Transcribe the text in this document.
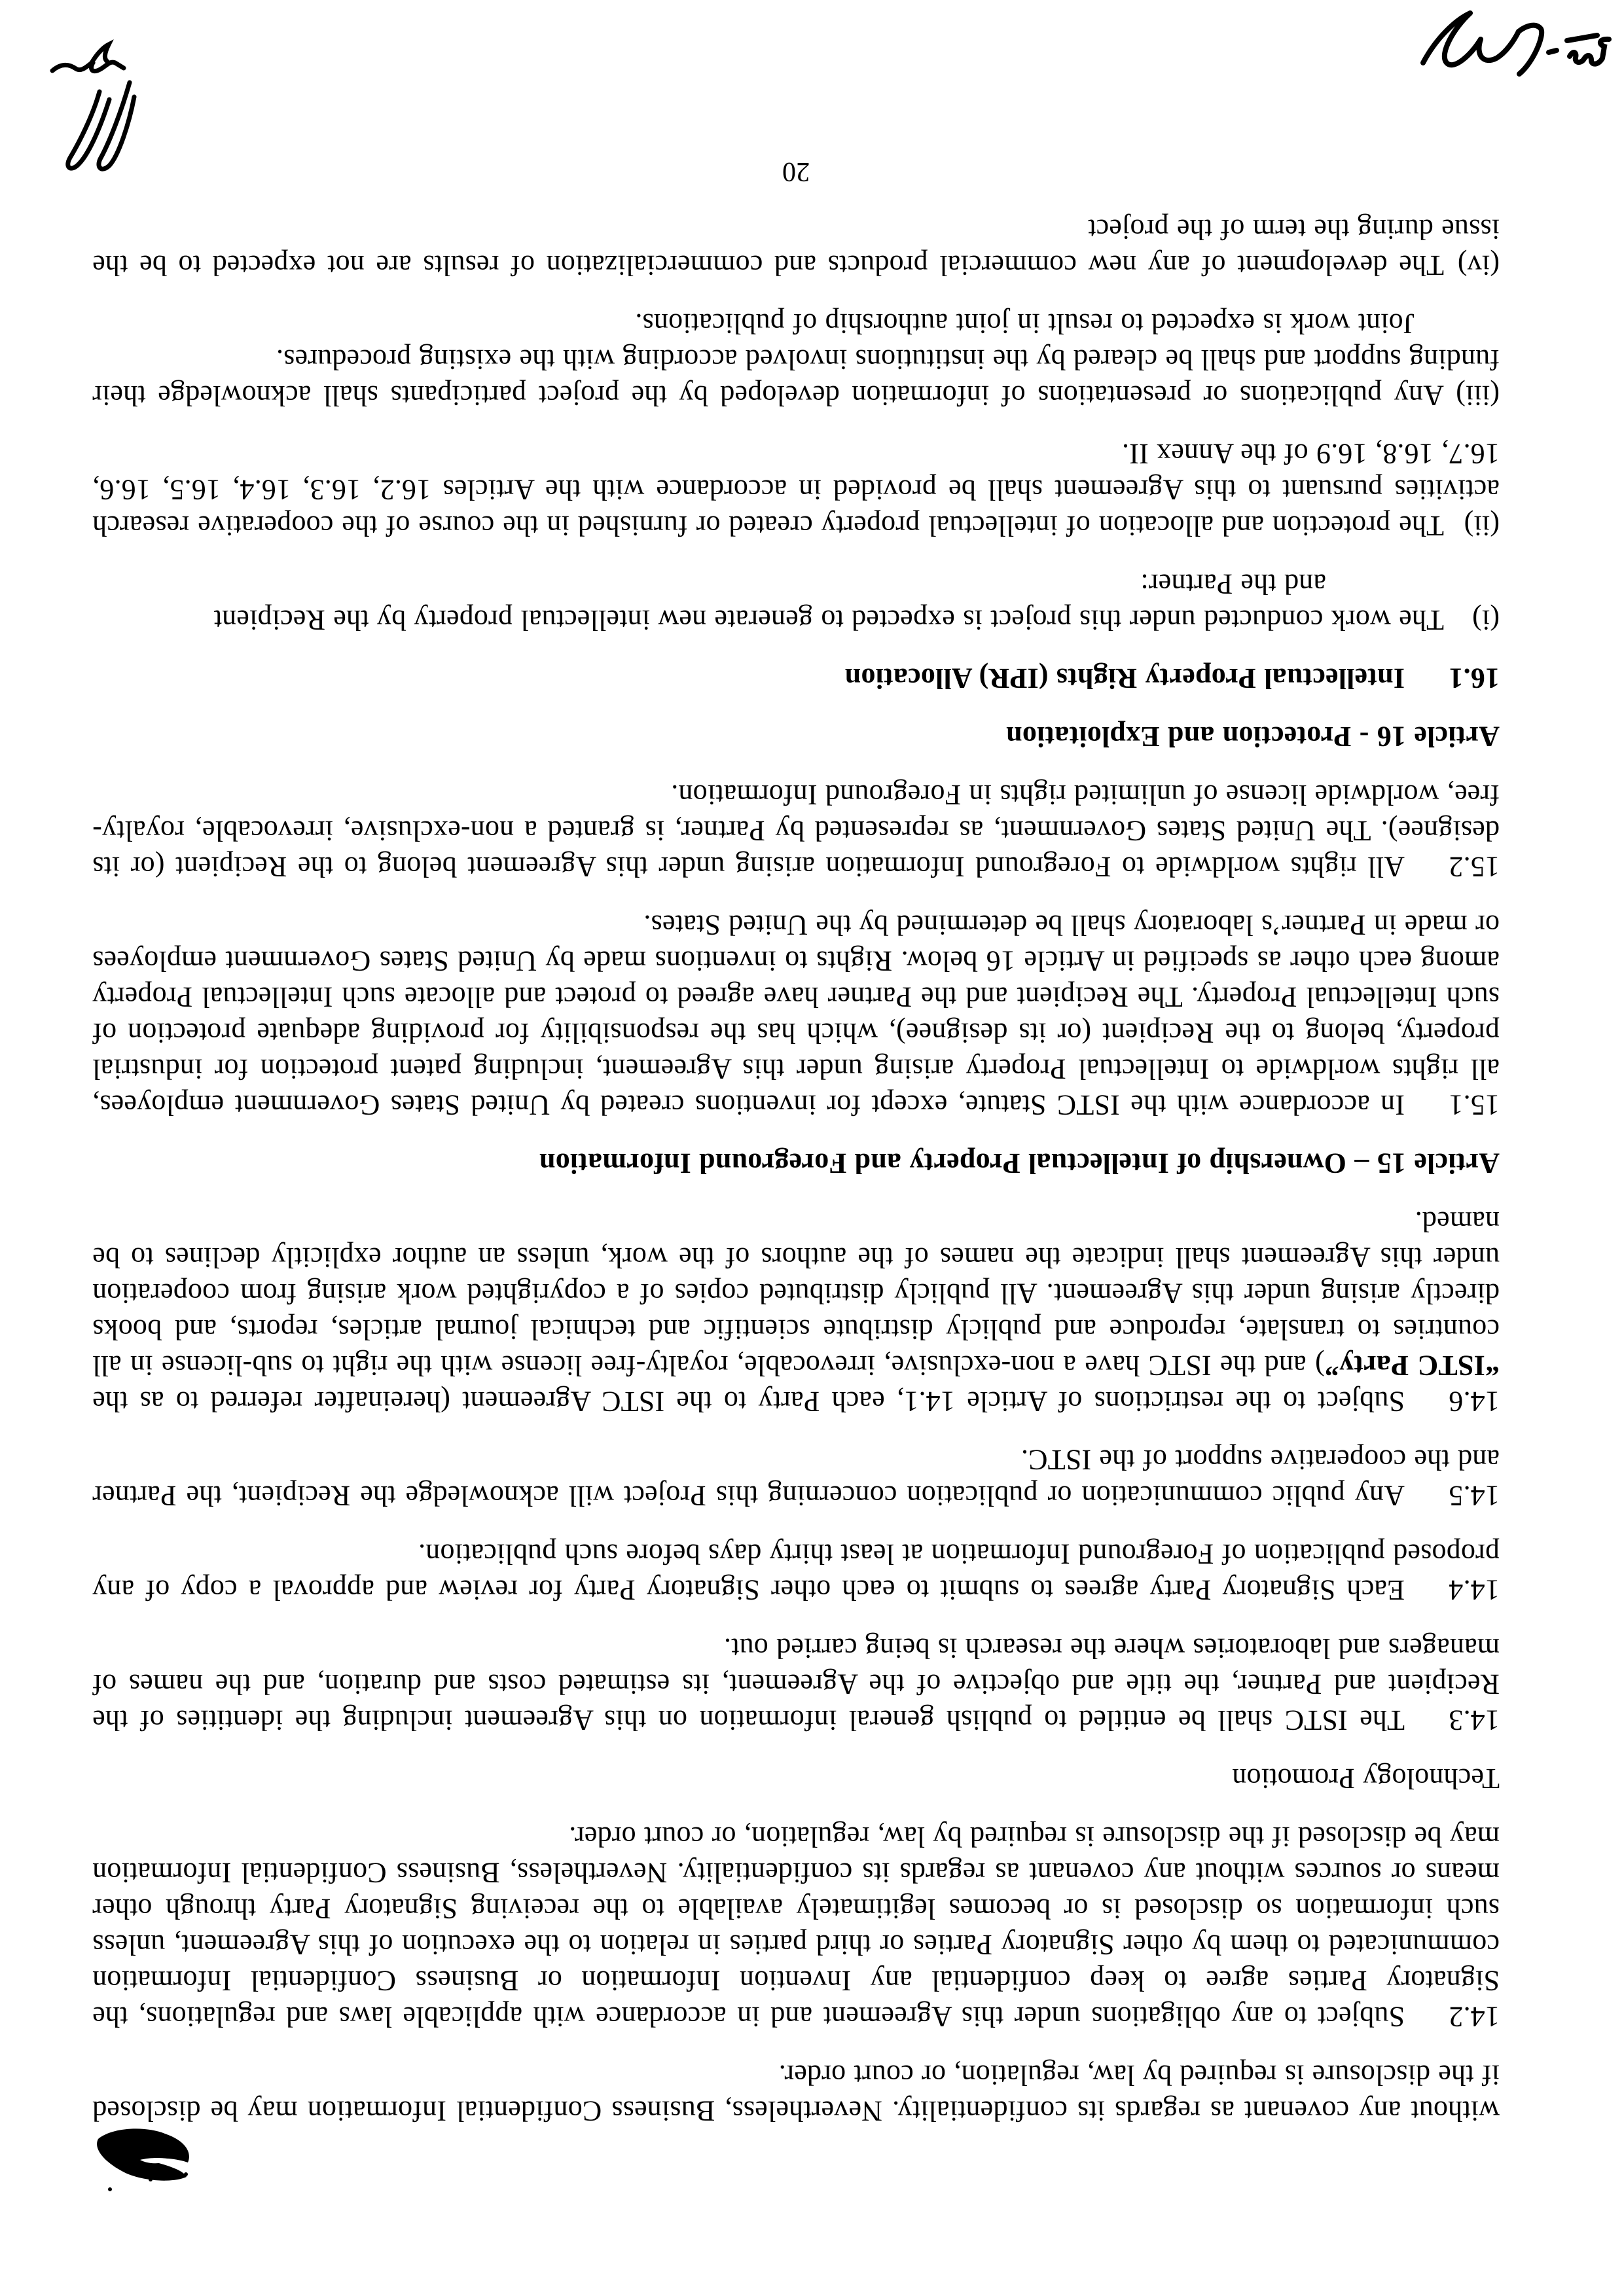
without any covenant as regards its confidentiality. Nevertheless, Business Confidential Information may be disclosed if the disclosure is required by law, regulation, or court order.

14.2Subject to any obligations under this Agreement and in accordance with applicable laws and regulations, the Signatory Parties agree to keep confidential any Invention Information or Business Confidential Information communicated to them by other Signatory Parties or third parties in relation to the execution of this Agreement, unless such information so disclosed is or becomes legitimately available to the receiving Signatory Party through other means or sources without any covenant as regards its confidentiality. Nevertheless, Business Confidential Information may be disclosed if the disclosure is required by law, regulation, or court order.

Technology Promotion

14.3The ISTC shall be entitled to publish general information on this Agreement including the identities of the Recipient and Partner, the title and objective of the Agreement, its estimated costs and duration, and the names of managers and laboratories where the research is being carried out.

14.4Each Signatory Party agrees to submit to each other Signatory Party for review and approval a copy of any proposed publication of Foreground Information at least thirty days before such publication.

14.5Any public communication or publication concerning this Project will acknowledge the Recipient, the Partner and the cooperative support of the ISTC.

14.6Subject to the restrictions of Article 14.1, each Party to the ISTC Agreement (hereinafter referred to as the “ISTC Party”) and the ISTC have a non-exclusive, irrevocable, royalty-free license with the right to sub-license in all countries to translate, reproduce and publicly distribute scientific and technical journal articles, reports, and books directly arising under this Agreement. All publicly distributed copies of a copyrighted work arising from cooperation under this Agreement shall indicate the names of the authors of the work, unless an author explicitly declines to be named.

Article 15 – Ownership of Intellectual Property and Foreground Information

15.1In accordance with the ISTC Statute, except for inventions created by United States Government employees, all rights worldwide to Intellectual Property arising under this Agreement, including patent protection for industrial property, belong to the Recipient (or its designee), which has the responsibility for providing adequate protection of such Intellectual Property. The Recipient and the Partner have agreed to protect and allocate such Intellectual Property among each other as specified in Article 16 below. Rights to inventions made by United States Government employees or made in Partner’s laboratory shall be determined by the United States.

15.2All rights worldwide to Foreground Information arising under this Agreement belong to the Recipient (or its designee). The United States Government, as represented by Partner, is granted a non-exclusive, irrevocable, royalty-free, worldwide license of unlimited rights in Foreground Information.

Article 16 - Protection and Exploitation

16.1Intellectual Property Rights (IPR) Allocation

(i)The work conducted under this project is expected to generate new intellectual property by the Recipient

and the Partner:

(ii)The protection and allocation of intellectual property created or furnished in the course of the cooperative research activities pursuant to this Agreement shall be provided in accordance with the Articles 16.2, 16.3, 16.4, 16.5, 16.6, 16.7, 16.8, 16.9 of the Annex II.

(iii)Any publications or presentations of information developed by the project participants shall acknowledge their funding support and shall be cleared by the institutions involved according with the existing procedures.

Joint work is expected to result in joint authorship of publications.

(iv)The development of any new commercial products and commercialization of results are not expected to be the issue during the term of the project

20
